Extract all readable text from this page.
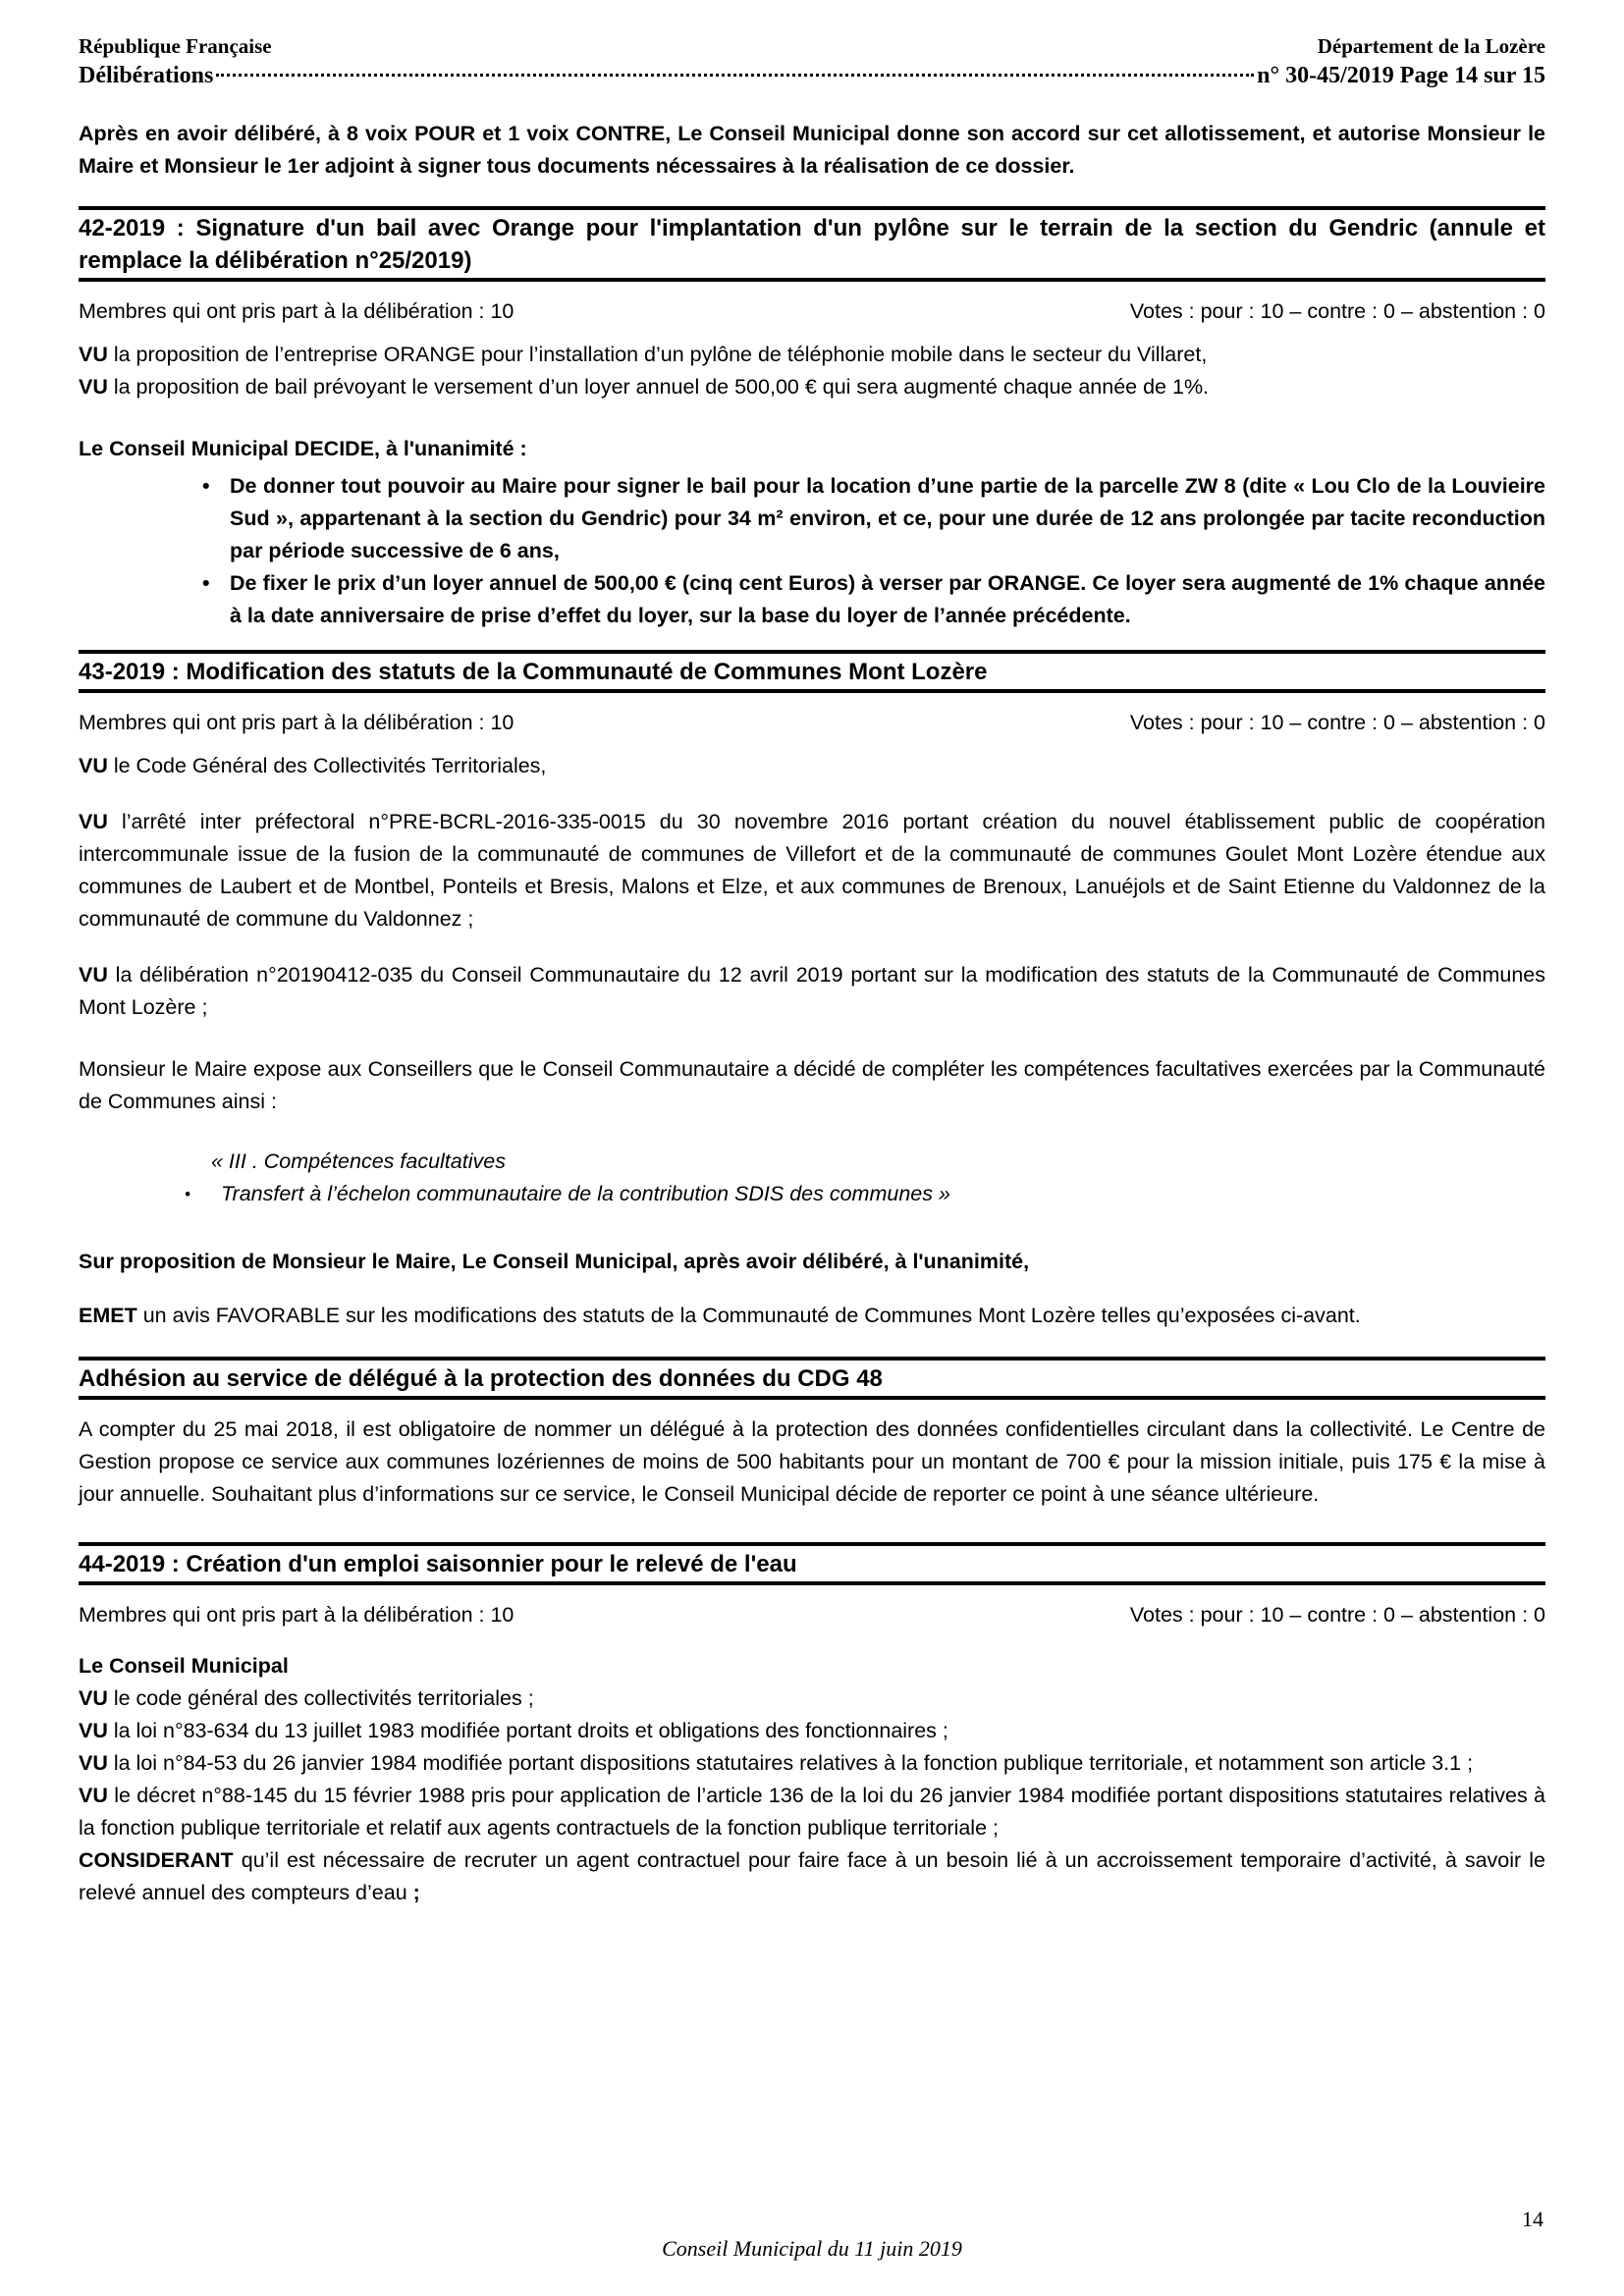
République Française	Département de la Lozère
Délibérations	n° 30-45/2019 Page 14 sur 15

Après en avoir délibéré, à 8 voix POUR et 1 voix CONTRE, Le Conseil Municipal donne son accord sur cet allotissement, et autorise Monsieur le Maire et Monsieur le 1er adjoint à signer tous documents nécessaires à la réalisation de ce dossier.

42-2019 : Signature d'un bail avec Orange pour l'implantation d'un pylône sur le terrain de la section du Gendric (annule et remplace la délibération n°25/2019)
Membres qui ont pris part à la délibération : 10	Votes : pour : 10 – contre : 0 – abstention : 0

VU la proposition de l’entreprise ORANGE pour l’installation d’un pylône de téléphonie mobile dans le secteur du Villaret,

VU la proposition de bail prévoyant le versement d’un loyer annuel de 500,00 € qui sera augmenté chaque année de 1%.

Le Conseil Municipal DECIDE, à l'unanimité :
• De donner tout pouvoir au Maire pour signer le bail pour la location d’une partie de la parcelle ZW 8 (dite « Lou Clo de la Louvieire Sud », appartenant à la section du Gendric) pour 34 m² environ, et ce, pour une durée de 12 ans prolongée par tacite reconduction par période successive de 6 ans,
• De fixer le prix d’un loyer annuel de 500,00 € (cinq cent Euros) à verser par ORANGE. Ce loyer sera augmenté de 1% chaque année à la date anniversaire de prise d’effet du loyer, sur la base du loyer de l’année précédente.
43-2019 : Modification des statuts de la Communauté de Communes Mont Lozère
Membres qui ont pris part à la délibération : 10	Votes : pour : 10 – contre : 0 – abstention : 0

VU le Code Général des Collectivités Territoriales,

VU l’arrêté inter préfectoral n°PRE-BCRL-2016-335-0015 du 30 novembre 2016 portant création du nouvel établissement public de coopération intercommunale issue de la fusion de la communauté de communes de Villefort et de la communauté de communes Goulet Mont Lozère étendue aux communes de Laubert et de Montbel, Ponteils et Bresis, Malons et Elze, et aux communes de Brenoux, Lanuéjols et de Saint Etienne du Valdonnez de la communauté de commune du Valdonnez ;

VU la délibération n°20190412-035 du Conseil Communautaire du 12 avril 2019 portant sur la modification des statuts de la Communauté de Communes Mont Lozère ;

Monsieur le Maire expose aux Conseillers que le Conseil Communautaire a décidé de compléter les compétences facultatives exercées par la Communauté de Communes ainsi :

« III . Compétences facultatives
• Transfert à l’échelon communautaire de la contribution SDIS des communes »
Sur proposition de Monsieur le Maire, Le Conseil Municipal, après avoir délibéré, à l'unanimité,

EMET un avis FAVORABLE sur les modifications des statuts de la Communauté de Communes Mont Lozère telles qu’exposées ci-avant.

Adhésion au service de délégué à la protection des données du CDG 48

A compter du 25 mai 2018, il est obligatoire de nommer un délégué à la protection des données confidentielles circulant dans la collectivité. Le Centre de Gestion propose ce service aux communes lozériennes de moins de 500 habitants pour un montant de 700 € pour la mission initiale, puis 175 € la mise à jour annuelle. Souhaitant plus d’informations sur ce service, le Conseil Municipal décide de reporter ce point à une séance ultérieure.

44-2019 : Création d'un emploi saisonnier pour le relevé de l'eau
Membres qui ont pris part à la délibération : 10	Votes : pour : 10 – contre : 0 – abstention : 0

Le Conseil Municipal

VU le code général des collectivités territoriales ;

VU la loi n°83-634 du 13 juillet 1983 modifiée portant droits et obligations des fonctionnaires ;

VU la loi n°84-53 du 26 janvier 1984 modifiée portant dispositions statutaires relatives à la fonction publique territoriale, et notamment son article 3.1 ;

VU le décret n°88-145 du 15 février 1988 pris pour application de l’article 136 de la loi du 26 janvier 1984 modifiée portant dispositions statutaires relatives à la fonction publique territoriale et relatif aux agents contractuels de la fonction publique territoriale ;

CONSIDERANT qu’il est nécessaire de recruter un agent contractuel pour faire face à un besoin lié à un accroissement temporaire d’activité, à savoir le relevé annuel des compteurs d’eau ;

14
Conseil Municipal du 11 juin 2019
